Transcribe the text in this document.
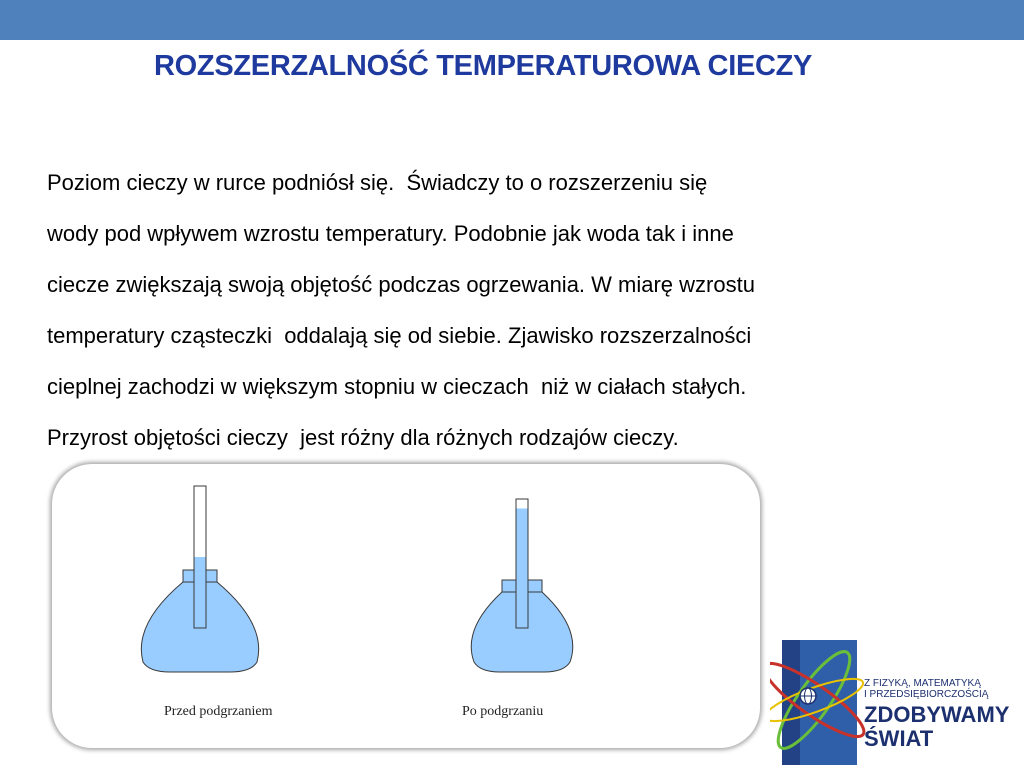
ROZSZERZALNOŚĆ TEMPERATUROWA CIECZY
Poziom cieczy w rurce podniósł się.  Świadczy to o rozszerzeniu się
wody pod wpływem wzrostu temperatury. Podobnie jak woda tak i inne
ciecze zwiększają swoją objętość podczas ogrzewania. W miarę wzrostu
temperatury cząsteczki  oddalają się od siebie. Zjawisko rozszerzalności
cieplnej zachodzi w większym stopniu w cieczach  niż w ciałach stałych.
Przyrost objętości cieczy  jest różny dla różnych rodzajów cieczy.
Przed podgrzaniem	Po podgrzaniu
Z FIZYKĄ, MATEMATYKĄ
I PRZEDSIĘBIORCZOŚCIĄ
ZDOBYWAMY
ŚWIAT
